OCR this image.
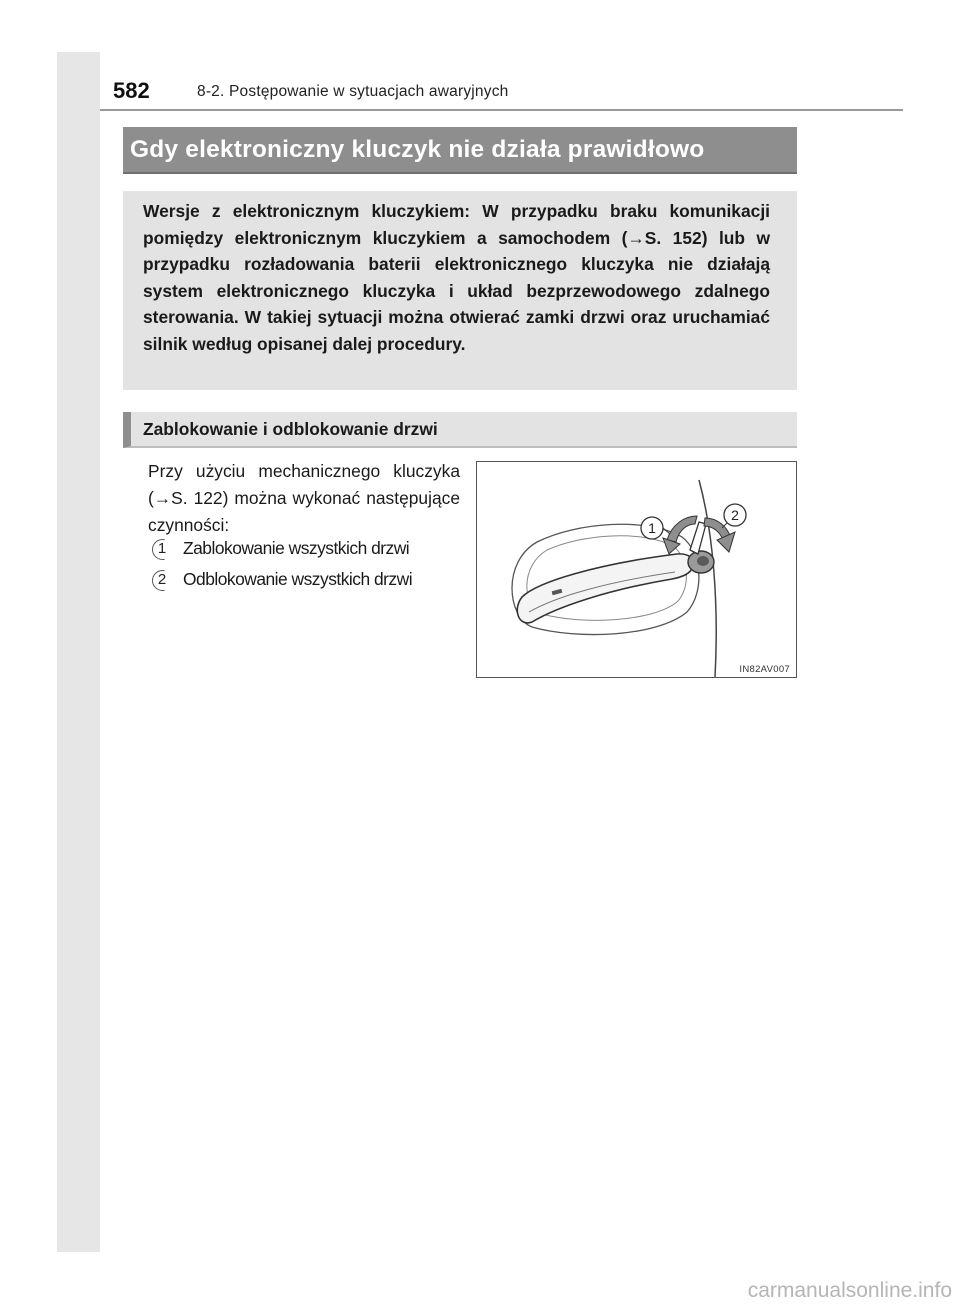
582	8-2. Postępowanie w sytuacjach awaryjnych
Gdy elektroniczny kluczyk nie działa prawidłowo

Wersje z elektronicznym kluczykiem: W przypadku braku komunikacji pomiędzy elektronicznym kluczykiem a samochodem (→S. 152) lub w przypadku rozładowania baterii elektronicznego kluczyka nie działają system elektronicznego kluczyka i układ bezprzewodowego zdalnego sterowania. W takiej sytuacji można otwierać zamki drzwi oraz uruchamiać silnik według opisanej dalej procedury.

Zablokowanie i odblokowanie drzwi

Przy użyciu mechanicznego kluczyka (→S. 122) można wykonać następujące czynności:

1 Zablokowanie wszystkich drzwi
2 Odblokowanie wszystkich drzwi
1
2
IN82AV007
carmanualsonline.info
